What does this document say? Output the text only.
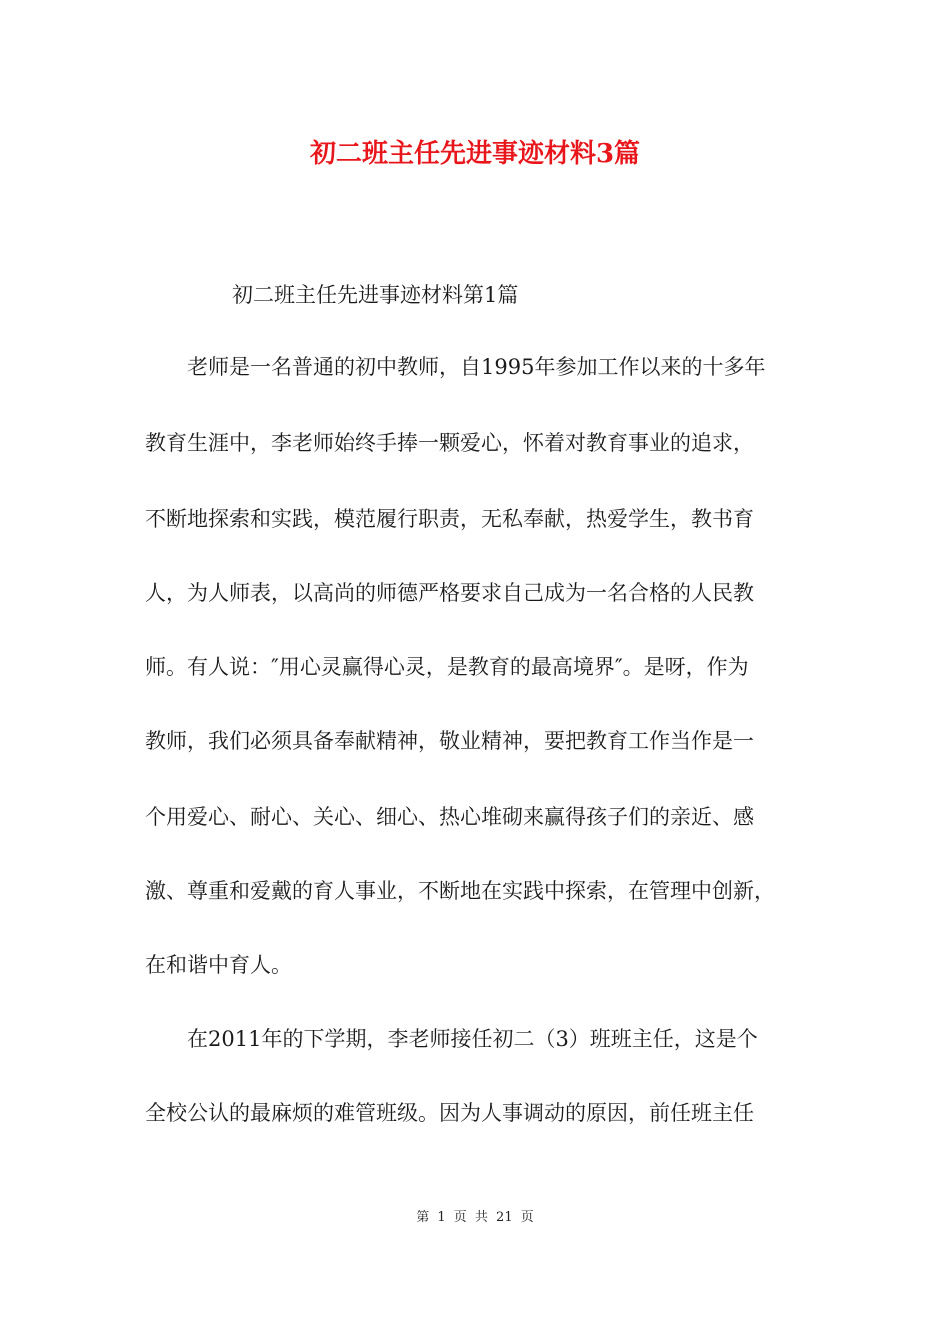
初二班主任先进事迹材料3篇

初二班主任先进事迹材料第1篇

　　老师是一名普通的初中教师，自1995年参加工作以来的十多年

教育生涯中，李老师始终手捧一颗爱心，怀着对教育事业的追求，

不断地探索和实践，模范履行职责，无私奉献，热爱学生，教书育

人，为人师表，以高尚的师德严格要求自己成为一名合格的人民教

师。有人说：″用心灵赢得心灵，是教育的最高境界″。是呀，作为

教师，我们必须具备奉献精神，敬业精神，要把教育工作当作是一

个用爱心、耐心、关心、细心、热心堆砌来赢得孩子们的亲近、感

激、尊重和爱戴的育人事业，不断地在实践中探索，在管理中创新，

在和谐中育人。

　　在2011年的下学期，李老师接任初二（3）班班主任，这是个

全校公认的最麻烦的难管班级。因为人事调动的原因，前任班主任

第 1 页 共 21 页
